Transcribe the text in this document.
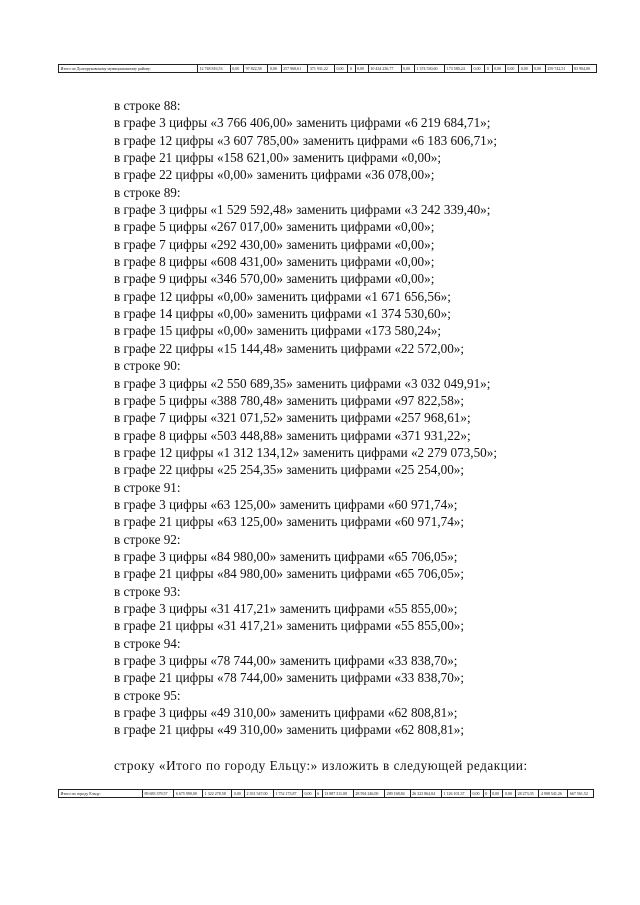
Итого по Долгоруковскому муниципальному району:	12 748 816,53	0,00	97 822,58	0,00	257 968,61	371 931,22	0,00	0	0,00	10 434 236,77	0,00	1 374 530,60	173 580,24	0,00	0	0,00	0,00	0,00	0,00	259 742,51	83 904,00
в строке 88:
в графе 3 цифры «3 766 406,00» заменить цифрами «6 219 684,71»;
в графе 12 цифры «3 607 785,00» заменить цифрами «6 183 606,71»;
в графе 21 цифры «158 621,00» заменить цифрами «0,00»;
в графе 22 цифры «0,00» заменить цифрами «36 078,00»;
в строке 89:
в графе 3 цифры «1 529 592,48» заменить цифрами «3 242 339,40»;
в графе 5 цифры «267 017,00» заменить цифрами «0,00»;
в графе 7 цифры «292 430,00» заменить цифрами «0,00»;
в графе 8 цифры «608 431,00» заменить цифрами «0,00»;
в графе 9 цифры «346 570,00» заменить цифрами «0,00»;
в графе 12 цифры «0,00» заменить цифрами «1 671 656,56»;
в графе 14 цифры «0,00» заменить цифрами «1 374 530,60»;
в графе 15 цифры «0,00» заменить цифрами «173 580,24»;
в графе 22 цифры «15 144,48» заменить цифрами «22 572,00»;
в строке 90:
в графе 3 цифры «2 550 689,35» заменить цифрами «3 032 049,91»;
в графе 5 цифры «388 780,48» заменить цифрами «97 822,58»;
в графе 7 цифры «321 071,52» заменить цифрами «257 968,61»;
в графе 8 цифры «503 448,88» заменить цифрами «371 931,22»;
в графе 12 цифры «1 312 134,12» заменить цифрами «2 279 073,50»;
в графе 22 цифры «25 254,35» заменить цифрами «25 254,00»;
в строке 91:
в графе 3 цифры «63 125,00» заменить цифрами «60 971,74»;
в графе 21 цифры «63 125,00» заменить цифрами «60 971,74»;
в строке 92:
в графе 3 цифры «84 980,00» заменить цифрами «65 706,05»;
в графе 21 цифры «84 980,00» заменить цифрами «65 706,05»;
в строке 93:
в графе 3 цифры «31 417,21» заменить цифрами «55 855,00»;
в графе 21 цифры «31 417,21» заменить цифрами «55 855,00»;
в строке 94:
в графе 3 цифры «78 744,00» заменить цифрами «33 838,70»;
в графе 21 цифры «78 744,00» заменить цифрами «33 838,70»;
в строке 95:
в графе 3 цифры «49 310,00» заменить цифрами «62 808,81»;
в графе 21 цифры «49 310,00» заменить цифрами «62 808,81»;
строку «Итого по городу Ельцу:» изложить в следующей редакции:
Итого по городу Ельцу:	89 683 379,57	6 675 990,00	1 322 278,58	0,00	2 351 547,00	1 752 173,87	0,00	6	13 887 311,00	28 594 246,00	289 168,84	26 323 864,04	1 126 101,37	0,00	0	0,00	0,00	28 273,35	4 908 541,26	667 561,52
